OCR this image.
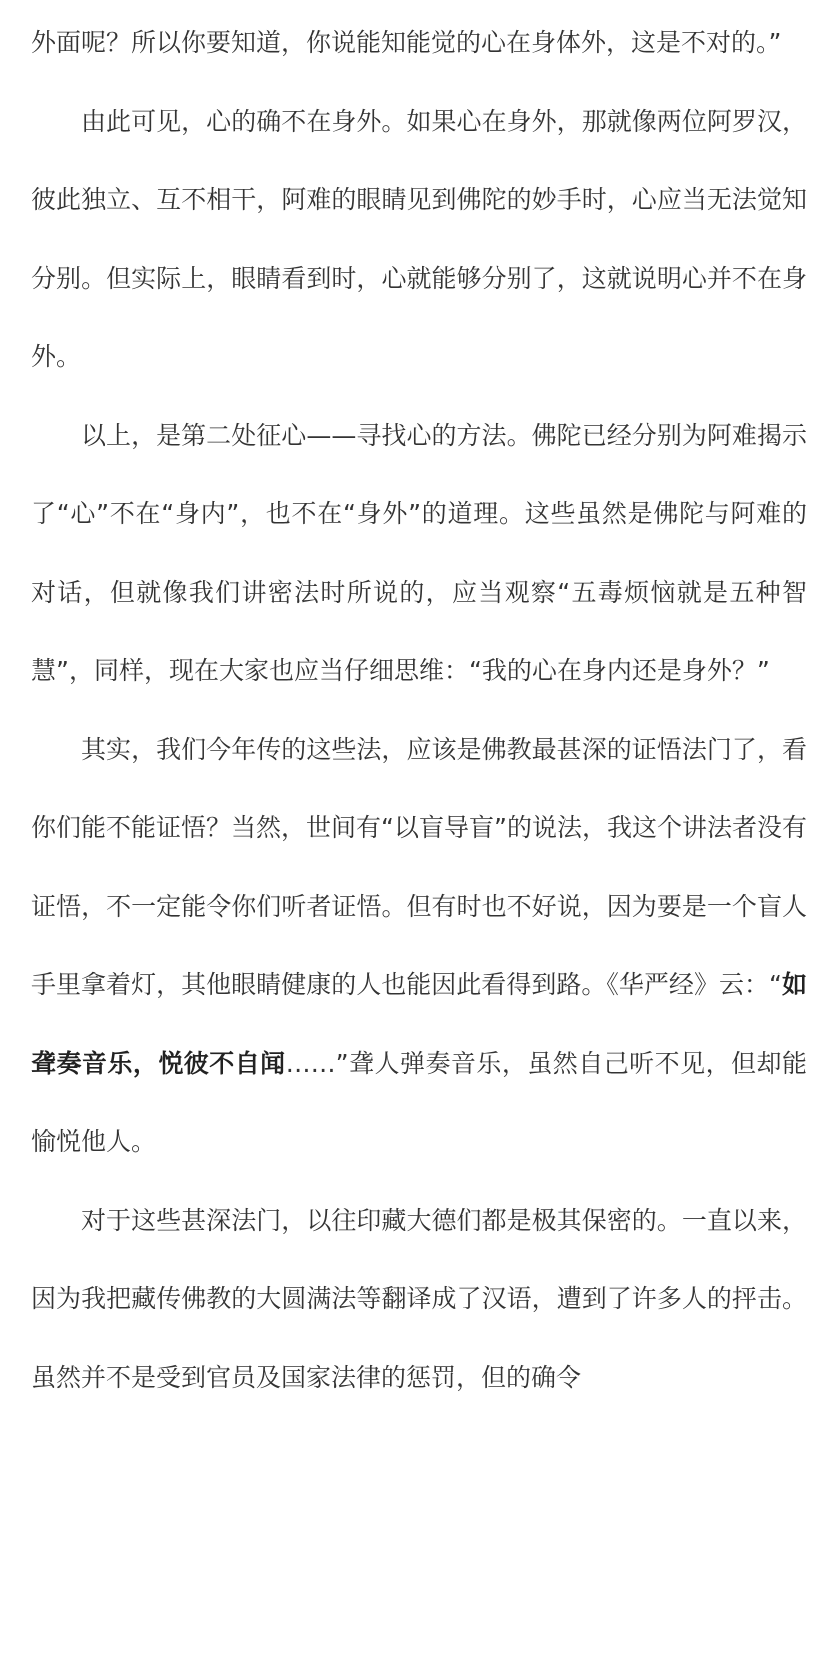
外面呢？所以你要知道，你说能知能觉的心在身体外，这是不对的。”

由此可见，心的确不在身外。如果心在身外，那就像两位阿罗汉，彼此独立、互不相干，阿难的眼睛见到佛陀的妙手时，心应当无法觉知分别。但实际上，眼睛看到时，心就能够分别了，这就说明心并不在身外。

以上，是第二处征心——寻找心的方法。佛陀已经分别为阿难揭示了“心”不在“身内”，也不在“身外”的道理。这些虽然是佛陀与阿难的对话，但就像我们讲密法时所说的，应当观察“五毒烦恼就是五种智慧”，同样，现在大家也应当仔细思维：“我的心在身内还是身外？”

其实，我们今年传的这些法，应该是佛教最甚深的证悟法门了，看你们能不能证悟？当然，世间有“以盲导盲”的说法，我这个讲法者没有证悟，不一定能令你们听者证悟。但有时也不好说，因为要是一个盲人手里拿着灯，其他眼睛健康的人也能因此看得到路。《华严经》云：“如聋奏音乐，悦彼不自闻……”聋人弹奏音乐，虽然自己听不见，但却能愉悦他人。

对于这些甚深法门，以往印藏大德们都是极其保密的。一直以来，因为我把藏传佛教的大圆满法等翻译成了汉语，遭到了许多人的抨击。虽然并不是受到官员及国家法律的惩罚，但的确令
